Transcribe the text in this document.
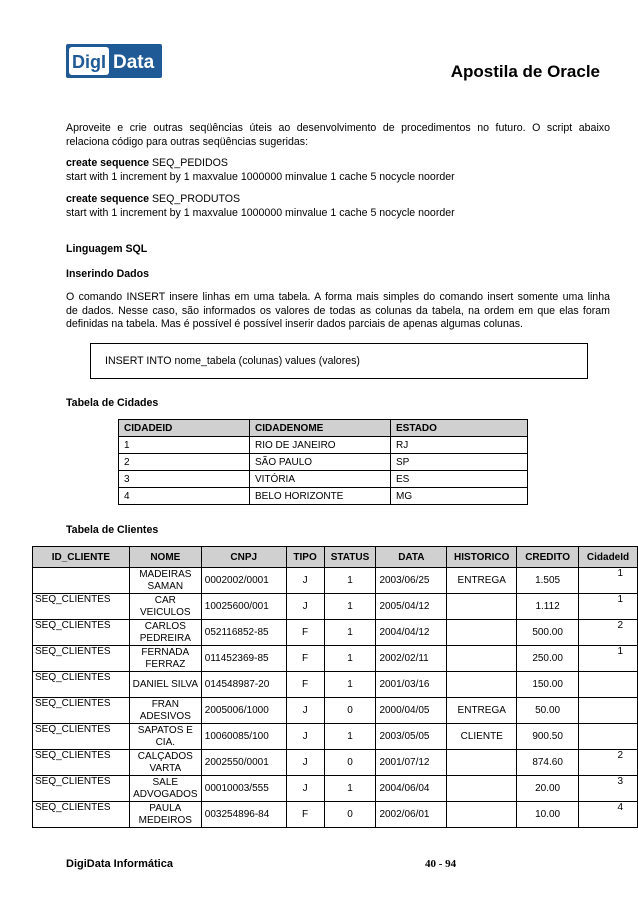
DigI Data	Apostila de Oracle
Aproveite e crie outras seqüências úteis ao desenvolvimento de procedimentos no futuro. O script abaixo
relaciona código para outras seqüências sugeridas:
create sequence SEQ_PEDIDOS
start with 1 increment by 1 maxvalue 1000000 minvalue 1 cache 5 nocycle noorder
create sequence SEQ_PRODUTOS
start with 1 increment by 1 maxvalue 1000000 minvalue 1 cache 5 nocycle noorder
Linguagem SQL
Inserindo Dados
O comando INSERT insere linhas em uma tabela. A forma mais simples do comando insert somente uma linha
de dados. Nesse caso, são informados os valores de todas as colunas da tabela, na ordem em que elas foram
definidas na tabela. Mas é possível é possível inserir dados parciais de apenas algumas colunas.
INSERT INTO nome_tabela (colunas) values (valores)
Tabela de Cidades
CIDADEID	CIDADENOME	ESTADO
1	RIO DE JANEIRO	RJ
2	SÃO PAULO	SP
3	VITÓRIA	ES
4	BELO HORIZONTE	MG
Tabela de Clientes
ID_CLIENTE	NOME	CNPJ	TIPO	STATUS	DATA	HISTORICO	CREDITO	CidadeId
	MADEIRAS SAMAN	0002002/0001	J	1	2003/06/25	ENTREGA	1.505	1
SEQ_CLIENTES	CAR VEICULOS	10025600/001	J	1	2005/04/12		1.112	1
SEQ_CLIENTES	CARLOS PEDREIRA	052116852-85	F	1	2004/04/12		500.00	2
SEQ_CLIENTES	FERNADA FERRAZ	011452369-85	F	1	2002/02/11		250.00	1
SEQ_CLIENTES	DANIEL SILVA	014548987-20	F	1	2001/03/16		150.00	
SEQ_CLIENTES	FRAN ADESIVOS	2005006/1000	J	0	2000/04/05	ENTREGA	50.00	
SEQ_CLIENTES	SAPATOS E CIA.	10060085/100	J	1	2003/05/05	CLIENTE	900.50	
SEQ_CLIENTES	CALÇADOS VARTA	2002550/0001	J	0	2001/07/12		874.60	2
SEQ_CLIENTES	SALE ADVOGADOS	00010003/555	J	1	2004/06/04		20.00	3
SEQ_CLIENTES	PAULA MEDEIROS	003254896-84	F	0	2002/06/01		10.00	4
DigiData Informática	40 - 94
